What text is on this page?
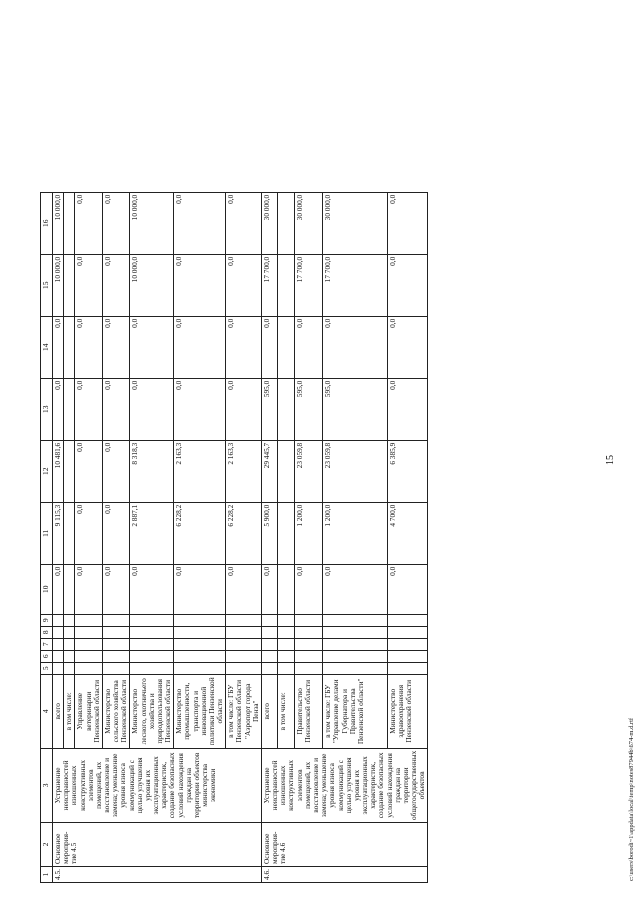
1	2	3	4	5	6	7	8	9	10	11	12	13	14	15	16
4.5.	Основное мероприя-тие 4.5	Устранение неисправностей изношенных конструктивных элементов помещений, их восстановление и замена; уменьшение уровня износа коммуникаций с целью улучшения уровня их эксплуатационных характеристик, создание безопасных условий нахождения граждан на территории объектов министерства экономики	всего						0,0	9 115,3	10 481,6	0,0	0,0	10 000,0	10 000,0
			в том числе:												
			Управление ветеринарии Пензенской области						0,0	0,0	0,0	0,0	0,0	0,0	0,0
			Министерство сельского хозяйства Пензенской области						0,0	0,0	0,0	0,0	0,0	0,0	0,0
			Министерство лесного, охотничьего хозяйства и природопользования Пензенской области						0,0	2 887,1	8 318,3	0,0	0,0	10 000,0	10 000,0
			Министерство промышленности, транспорта и инновационной политики Пензенской области						0,0	6 228,2	2 163,3	0,0	0,0	0,0	0,0
			в том числе: ГБУ Пензенской области "Аэропорт города Пенза"						0,0	6 228,2	2 163,3	0,0	0,0	0,0	0,0
4.6.	Основное мероприя-тие 4.6	Устранение неисправностей изношенных конструктивных элементов помещений, их восстановление и замена; уменьшение уровня износа коммуникаций с целью улучшения уровня их эксплуатационных характеристик, создание безопасных условий нахождения граждан на территории общегосударственных объектов	всего						0,0	5 900,0	29 445,7	595,0	0,0	17 700,0	30 000,0
			в том числе:												
			Правительство Пензенской области						0,0	1 200,0	23 059,8	595,0	0,0	17 700,0	30 000,0
			в том числе: ГБУ "Управление делами Губернатора и Правительства Пензенской области"						0,0	1 200,0	23 059,8	595,0	0,0	17 700,0	30 000,0
			Министерство здравоохранения Пензенской области						0,0	4 700,0	6 385,9	0,0	0,0	0,0	0,0
15
c:\users\borodi~1\appdata\local\temp\notes87944b\674-m.d.rtf
